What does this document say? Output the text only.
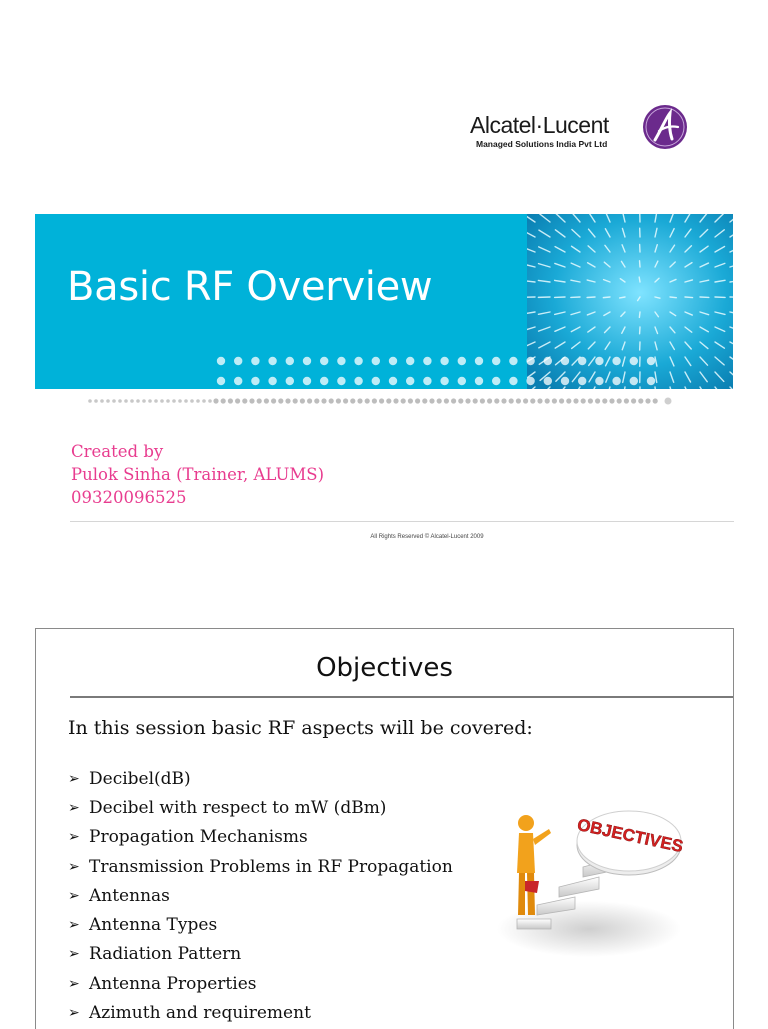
Alcatel·Lucent
Managed Solutions India Pvt Ltd
Basic RF Overview
Created by
Pulok Sinha (Trainer, ALUMS)
09320096525
All Rights Reserved © Alcatel-Lucent 2009
Objectives
In this session basic RF aspects will be covered:
➢ Decibel(dB)
➢ Decibel with respect to mW (dBm)
➢ Propagation Mechanisms
➢ Transmission Problems in RF Propagation
➢ Antennas
➢ Antenna Types
➢ Radiation Pattern
➢ Antenna Properties
➢ Azimuth and requirement
OBJECTIVES
